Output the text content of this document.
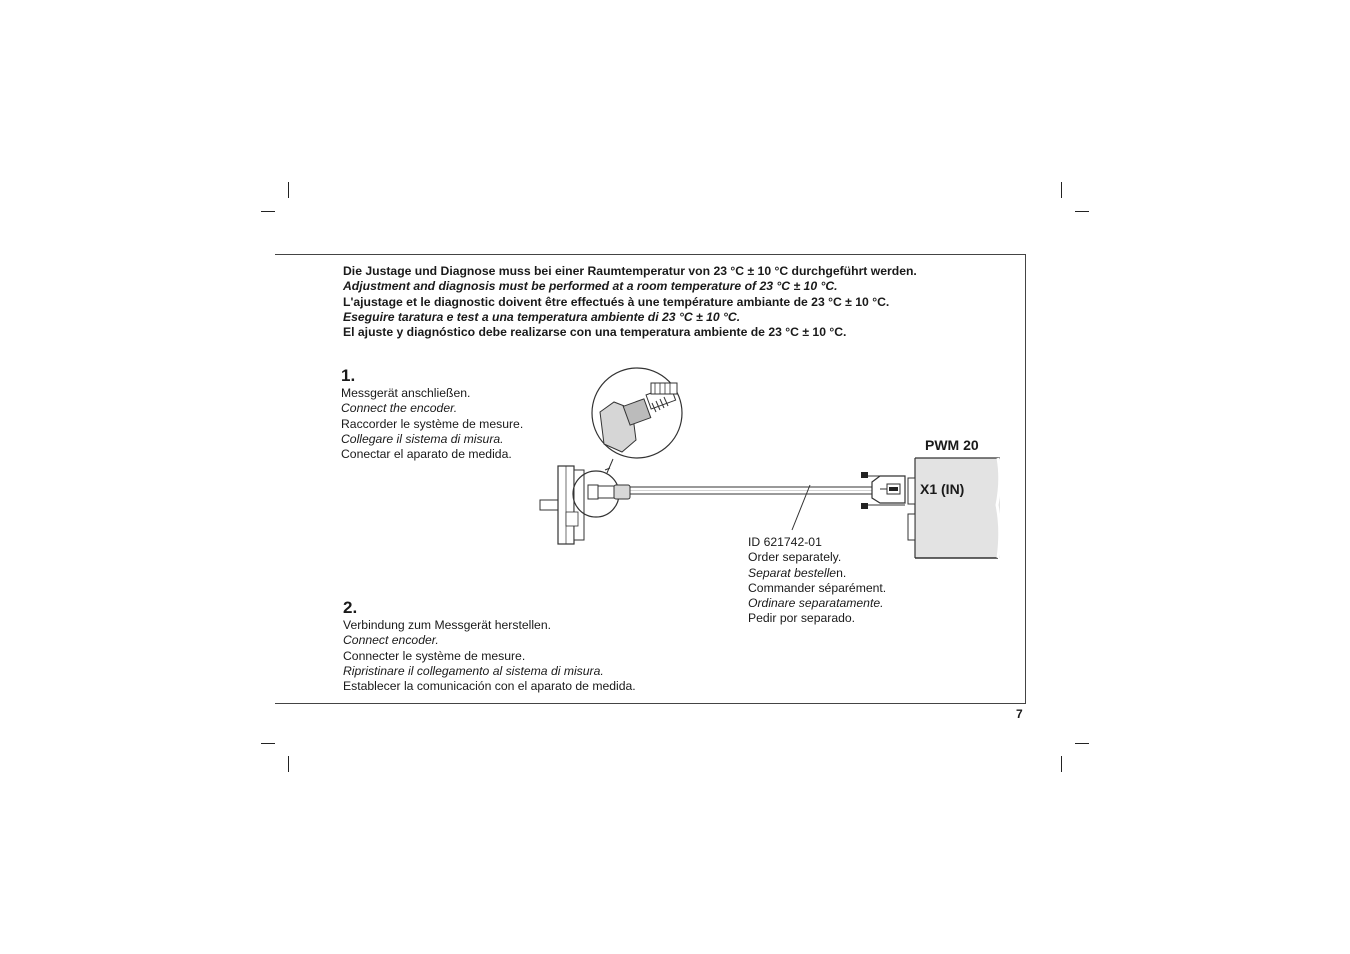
Die Justage und Diagnose muss bei einer Raumtemperatur von 23 °C ± 10 °C durchgeführt werden.
Adjustment and diagnosis must be performed at a room temperature of 23 °C ± 10 °C.
L'ajustage et le diagnostic doivent être effectués à une température ambiante de 23 °C ± 10 °C.
Eseguire taratura e test a una temperatura ambiente di 23 °C ± 10 °C.
El ajuste y diagnóstico debe realizarse con una temperatura ambiente de 23 °C ± 10 °C.
1.
Messgerät anschließen.
Connect the encoder.
Raccorder le système de mesure.
Collegare il sistema di misura.
Conectar el aparato de medida.
2.
Verbindung zum Messgerät herstellen.
Connect encoder.
Connecter le système de mesure.
Ripristinare il collegamento al sistema di misura.
Establecer la comunicación con el aparato de medida.
PWM 20
X1 (IN)
ID 621742-01
Order separately.
Separat bestellen.
Commander séparément.
Ordinare separatamente.
Pedir por separado.
7
